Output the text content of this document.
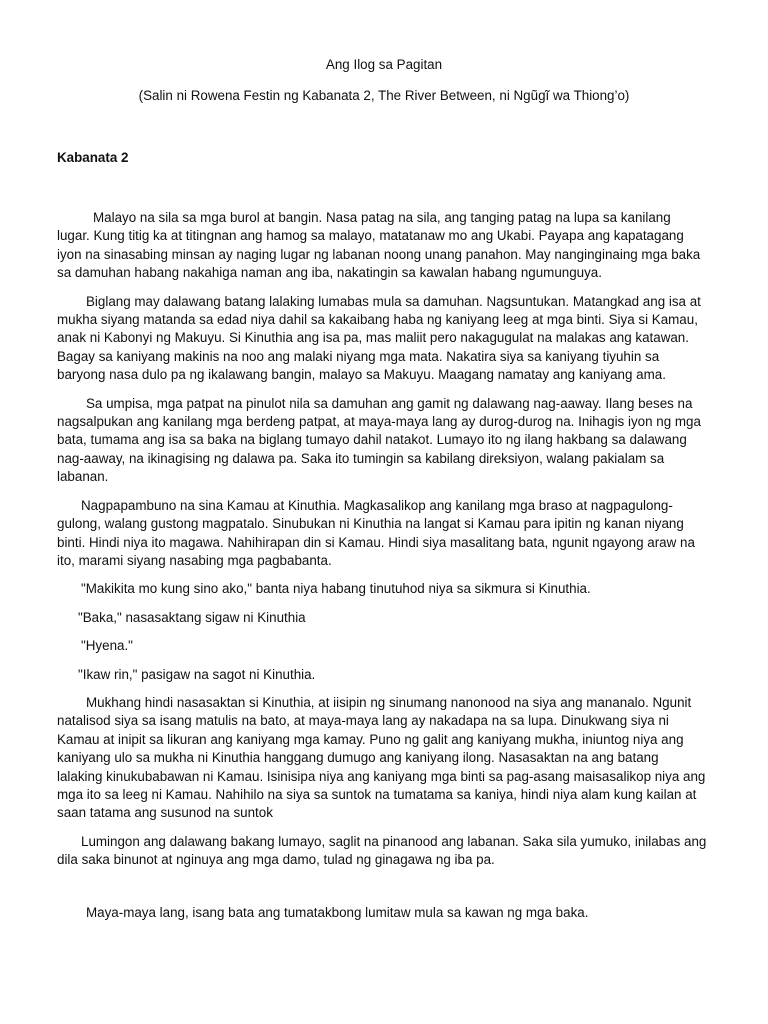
Ang Ilog sa Pagitan

(Salin ni Rowena Festin ng Kabanata 2, The River Between, ni Ngũgĩ wa Thiong’o)

Kabanata 2

Malayo na sila sa mga burol at bangin. Nasa patag na sila, ang tanging patag na lupa sa kanilang lugar. Kung titig ka at titingnan ang hamog sa malayo, matatanaw mo ang Ukabi. Payapa ang kapatagang iyon na sinasabing minsan ay naging lugar ng labanan noong unang panahon. May nanginginaing mga baka sa damuhan habang nakahiga naman ang iba, nakatingin sa kawalan habang ngumunguya.

Biglang may dalawang batang lalaking lumabas mula sa damuhan. Nagsuntukan. Matangkad ang isa at mukha siyang matanda sa edad niya dahil sa kakaibang haba ng kaniyang leeg at mga binti. Siya si Kamau, anak ni Kabonyi ng Makuyu. Si Kinuthia ang isa pa, mas maliit pero nakagugulat na malakas ang katawan. Bagay sa kaniyang makinis na noo ang malaki niyang mga mata. Nakatira siya sa kaniyang tiyuhin sa baryong nasa dulo pa ng ikalawang bangin, malayo sa Makuyu. Maagang namatay ang kaniyang ama.

Sa umpisa, mga patpat na pinulot nila sa damuhan ang gamit ng dalawang nag-aaway. Ilang beses na nagsalpukan ang kanilang mga berdeng patpat, at maya-maya lang ay durog-durog na. Inihagis iyon ng mga bata, tumama ang isa sa baka na biglang tumayo dahil natakot. Lumayo ito ng ilang hakbang sa dalawang nag-aaway, na ikinagising ng dalawa pa. Saka ito tumingin sa kabilang direksiyon, walang pakialam sa labanan.

Nagpapambuno na sina Kamau at Kinuthia. Magkasalikop ang kanilang mga braso at nagpagulong-gulong, walang gustong magpatalo. Sinubukan ni Kinuthia na langat si Kamau para ipitin ng kanan niyang binti. Hindi niya ito magawa. Nahihirapan din si Kamau. Hindi siya masalitang bata, ngunit ngayong araw na ito, marami siyang nasabing mga pagbabanta.

"Makikita mo kung sino ako," banta niya habang tinutuhod niya sa sikmura si Kinuthia.

"Baka," nasasaktang sigaw ni Kinuthia

"Hyena."

"Ikaw rin," pasigaw na sagot ni Kinuthia.

Mukhang hindi nasasaktan si Kinuthia, at iisipin ng sinumang nanonood na siya ang mananalo. Ngunit natalisod siya sa isang matulis na bato, at maya-maya lang ay nakadapa na sa lupa. Dinukwang siya ni Kamau at inipit sa likuran ang kaniyang mga kamay. Puno ng galit ang kaniyang mukha, iniuntog niya ang kaniyang ulo sa mukha ni Kinuthia hanggang dumugo ang kaniyang ilong. Nasasaktan na ang batang lalaking kinukubabawan ni Kamau. Isinisipa niya ang kaniyang mga binti sa pag-asang maisasalikop niya ang mga ito sa leeg ni Kamau. Nahihilo na siya sa suntok na tumatama sa kaniya, hindi niya alam kung kailan at saan tatama ang susunod na suntok

Lumingon ang dalawang bakang lumayo, saglit na pinanood ang labanan. Saka sila yumuko, inilabas ang dila saka binunot at nginuya ang mga damo, tulad ng ginagawa ng iba pa.

Maya-maya lang, isang bata ang tumatakbong lumitaw mula sa kawan ng mga baka.
